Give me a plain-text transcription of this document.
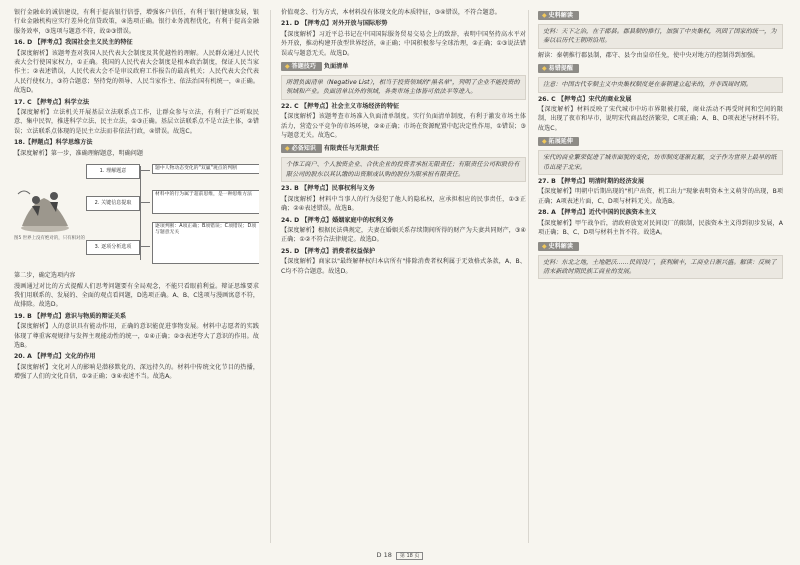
银行金融业的诚信建设，有利于提高银行信誉，增强客户信任，有利于银行健康发展，银行业金融机构应实行差异化信贷政策，④选项正确。银行业务流程优化，有利于提高金融服务效率，③选项与题意不符，故②③错误。

16. D 【押考点】我国社会主义民主的特征

【深度解析】该题考查对我国人民代表大会制度及其优越性的理解。人民群众通过人民代表大会行使国家权力，①正确。我国的人民代表大会制度是根本政治制度，保证人民当家作主；②表述错误，人民代表大会不是审议政府工作报告的最高机关；人民代表大会代表人民行使权力，③符合题意；坚持党的领导、人民当家作主、依法治国有机统一，④正确。故选D。

17. C 【押考点】科学立法

【深度解析】立法机关开展基层立法联系点工作，让群众参与立法，有利于广泛听取民意、集中民智，推进科学立法、民主立法，①③正确。基层立法联系点不是立法主体，②错误；立法联系点体现的是民主立法而非依法行政，④错误。故选C。

18.【押题点】科学思维方法

【深度解析】第一步，准确理解题意，明确问题

图5 世界上没有绝对的，只有相对的
1. 理解题意
2. 关键信息提取
3. 逐项分析选项
题中人物动态变化的"双赢"观点的判断
材料中的行为属于超前思维，是一种思维方法
逐项判断：A项正确；B项错误；C项错误；D项与题意无关

第二步，确定选项内容

漫画通过对比的方式提醒人们思考问题要有全局观念，不能只看眼前利益。辩证思维要求我们用联系的、发展的、全面的观点看问题，D选项正确。A、B、C选项与漫画寓意不符，故排除。故选D。

19. B 【押考点】意识与物质的辩证关系

【深度解析】人的意识具有能动作用，正确的意识能促进事物发展。材料中志愿者的实践体现了尊重客观规律与发挥主观能动性的统一，①④正确；②③表述夸大了意识的作用。故选B。

20. A 【押考点】文化的作用

【深度解析】文化对人的影响是潜移默化的、深远持久的。材料中传统文化节目的热播，增强了人们的文化自信，①②正确；③④表述不当。故选A。

价值观念、行为方式，本材料没有体现文化的本质特征，③④错误，不符合题意。

21. D 【押考点】对外开放与国际形势

【深度解析】习近平总书记在中国国际服务贸易交易会上的致辞，表明中国坚持高水平对外开放，推动构建开放型世界经济，④正确；中国积极参与全球治理，②正确；①③说法错误或与题意无关。故选D。

◆ 答题技巧 负面清单
所谓负面清单（Negative List），相当于投资领域的"黑名单"，列明了企业不能投资的领域和产业。负面清单以外的领域，各类市场主体皆可依法平等进入。

22. C 【押考点】社会主义市场经济的特征

【深度解析】该题考查市场准入负面清单制度。实行负面清单制度，有利于激发市场主体活力，营造公平竞争的市场环境，②④正确；市场在资源配置中起决定性作用，①错误；③与题意无关。故选C。

◆ 必备知识 有限责任与无限责任
个体工商户、个人独资企业、合伙企业的投资者承担无限责任；有限责任公司和股份有限公司的股东以其认缴的出资额或认购的股份为限承担有限责任。

23. B 【押考点】民事权利与义务

【深度解析】材料中当事人的行为侵犯了他人的隐私权，应承担相应的民事责任，①③正确；②④表述错误。故选B。

24. D 【押考点】婚姻家庭中的权利义务

【深度解析】根据民法典规定，夫妻在婚姻关系存续期间所得的财产为夫妻共同财产，③④正确；①②不符合法律规定。故选D。

25. D 【押考点】消费者权益保护

【深度解析】商家以"最终解释权归本店所有"排除消费者权利属于无效格式条款，A、B、C均不符合题意。故选D。

◆ 史料解读
史料：天下之治，在于郡县。郡县制的推行，加强了中央集权，巩固了国家的统一，为秦以后历代王朝所沿用。

解读：秦朝推行郡县制，郡守、县令由皇帝任免，使中央对地方的控制得到加强。

◆ 易错提醒
注意：中国古代专制主义中央集权制度是在秦朝建立起来的，并非西周时期。

26. C 【押考点】宋代的商业发展

【深度解析】材料反映了宋代城市中坊市界限被打破，商业活动不再受时间和空间的限制，出现了夜市和早市，说明宋代商品经济繁荣，C项正确；A、B、D项表述与材料不符。故选C。

◆ 拓展延伸
宋代的商业繁荣促进了城市面貌的变化，坊市制度逐渐瓦解，交子作为世界上最早的纸币出现于北宋。

27. B 【押考点】明清时期的经济发展

【深度解析】明朝中后期出现的"机户出资，机工出力"现象表明资本主义萌芽的出现，B项正确；A项表述片面，C、D项与材料无关。故选B。

28. A 【押考点】近代中国的民族资本主义

【深度解析】甲午战争后，清政府放宽对民间设厂的限制，民族资本主义得到初步发展，A项正确；B、C、D项与材料主旨不符。故选A。

◆ 史料解读
史料：东北之地，土地肥沃……民间设厂，获利颇丰，工商业日渐兴盛。解读：反映了清末新政时期民族工商业的发展。
D 18 第 18 页
